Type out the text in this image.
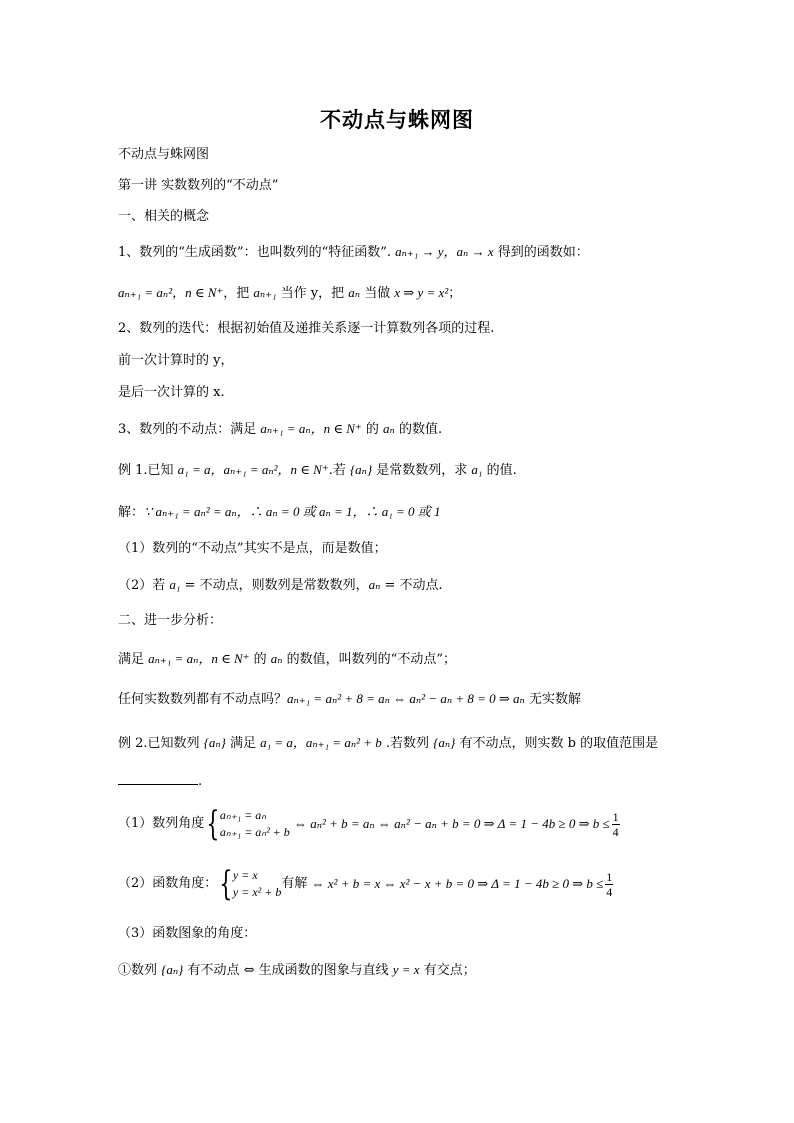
不动点与蛛网图
不动点与蛛网图
第一讲 实数数列的“不动点”
一、相关的概念
1、数列的“生成函数”：也叫数列的“特征函数”. aₙ₊₁ → y，aₙ → x 得到的函数如：
aₙ₊₁ = aₙ²，n ∈ N⁺，把 aₙ₊₁ 当作 y，把 aₙ 当做 x ⇒ y = x²；
2、数列的迭代：根据初始值及递推关系逐一计算数列各项的过程.
前一次计算时的 y，
是后一次计算的 x.
3、数列的不动点：满足 aₙ₊₁ = aₙ，n ∈ N⁺ 的 aₙ 的数值.
例 1.已知 a₁ = a，aₙ₊₁ = aₙ²，n ∈ N⁺.若 {aₙ} 是常数数列，求 a₁ 的值.
解：∵ aₙ₊₁ = aₙ² = aₙ，∴ aₙ = 0 或 aₙ = 1，∴ a₁ = 0 或 1
（1）数列的“不动点”其实不是点，而是数值；
（2）若 a₁ = 不动点，则数列是常数数列，aₙ = 不动点.
二、进一步分析：
满足 aₙ₊₁ = aₙ，n ∈ N⁺ 的 aₙ 的数值，叫数列的“不动点”；
任何实数数列都有不动点吗？aₙ₊₁ = aₙ² + 8 = aₙ ⇔ aₙ² − aₙ + 8 = 0 ⇒ aₙ 无实数解
例 2.已知数列 {aₙ} 满足 a₁ = a，aₙ₊₁ = aₙ² + b .若数列 {aₙ} 有不动点，则实数 b 的取值范围是
.
（1）数列角度{ aₙ₊₁ = aₙ
aₙ₊₁ = aₙ² + b
⇔ aₙ² + b = aₙ ⇔ aₙ² − aₙ + b = 0 ⇒ Δ = 1 − 4b ≥ 0 ⇒ $b \le \frac{1}{4}$
（2）函数角度：{ y = x
y = x² + b
有解 ⇔ x² + b = x ⇔ x² − x + b = 0 ⇒ Δ = 1 − 4b ≥ 0 ⇒ $b \le \frac{1}{4}$
（3）函数图象的角度：
①数列 {aₙ} 有不动点 ⇔ 生成函数的图象与直线 y = x 有交点；
